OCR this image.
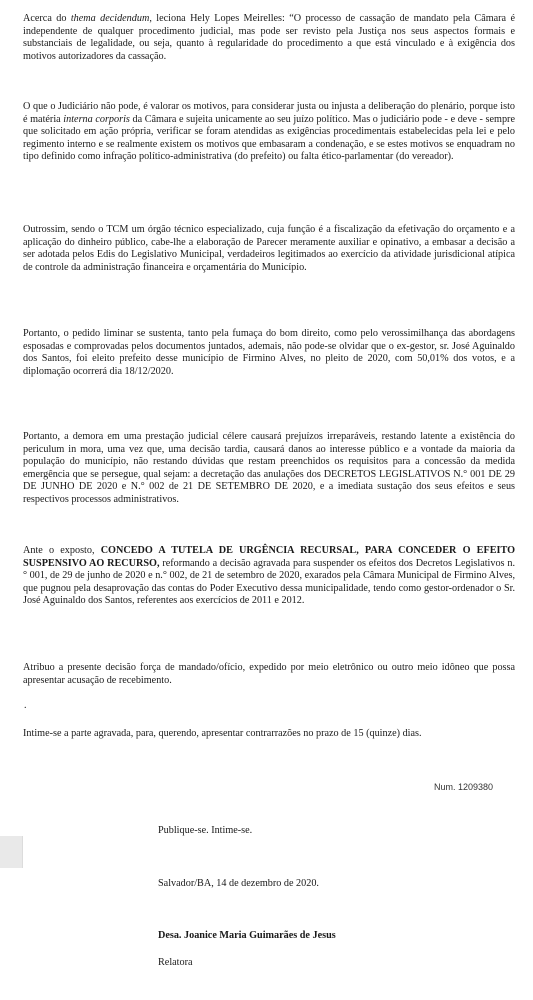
Acerca do thema decidendum, leciona Hely Lopes Meirelles: “O processo de cassação de mandato pela Câmara é independente de qualquer procedimento judicial, mas pode ser revisto pela Justiça nos seus aspectos formais e substanciais de legalidade, ou seja, quanto à regularidade do procedimento a que está vinculado e à exigência dos motivos autorizadores da cassação.

O que o Judiciário não pode, é valorar os motivos, para considerar justa ou injusta a deliberação do plenário, porque isto é matéria interna corporis da Câmara e sujeita unicamente ao seu juízo político. Mas o judiciário pode - e deve - sempre que solicitado em ação própria, verificar se foram atendidas as exigências procedimentais estabelecidas pela lei e pelo regimento interno e se realmente existem os motivos que embasaram a condenação, e se estes motivos se enquadram no tipo definido como infração político-administrativa (do prefeito) ou falta ético-parlamentar (do vereador).

Outrossim, sendo o TCM um órgão técnico especializado, cuja função é a fiscalização da efetivação do orçamento e a aplicação do dinheiro público, cabe-lhe a elaboração de Parecer meramente auxiliar e opinativo, a embasar a decisão a ser adotada pelos Edis do Legislativo Municipal, verdadeiros legitimados ao exercício da atividade jurisdicional atípica de controle da administração financeira e orçamentária do Município.

Portanto, o pedido liminar se sustenta, tanto pela fumaça do bom direito, como pelo verossimilhança das abordagens esposadas e comprovadas pelos documentos juntados, ademais, não pode-se olvidar que o ex-gestor, sr. José Aguinaldo dos Santos, foi eleito prefeito desse município de Firmino Alves, no pleito de 2020, com 50,01% dos votos, e a diplomação ocorrerá dia 18/12/2020.

Portanto, a demora em uma prestação judicial célere causará prejuízos irreparáveis, restando latente a existência do periculum in mora, uma vez que, uma decisão tardia, causará danos ao interesse público e a vontade da maioria da população do município, não restando dúvidas que restam preenchidos os requisitos para a concessão da medida emergência que se persegue, qual sejam: a decretação das anulações dos DECRETOS LEGISLATIVOS N.° 001 DE 29 DE JUNHO DE 2020 e N.° 002 de 21 DE SETEMBRO DE 2020, e a imediata sustação dos seus efeitos e seus respectivos processos administrativos.

Ante o exposto, CONCEDO A TUTELA DE URGÊNCIA RECURSAL, PARA CONCEDER O EFEITO SUSPENSIVO AO RECURSO, reformando a decisão agravada para suspender os efeitos dos Decretos Legislativos n.° 001, de 29 de junho de 2020 e n.° 002, de 21 de setembro de 2020, exarados pela Câmara Municipal de Firmino Alves, que pugnou pela desaprovação das contas do Poder Executivo dessa municipalidade, tendo como gestor-ordenador o Sr. José Aguinaldo dos Santos, referentes aos exercícios de 2011 e 2012.

Atribuo a presente decisão força de mandado/ofício, expedido por meio eletrônico ou outro meio idôneo que possa apresentar acusação de recebimento.

.

Intime-se a parte agravada, para, querendo, apresentar contrarrazões no prazo de 15 (quinze) dias.

Num. 1209380
Publique-se. Intime-se.
Salvador/BA, 14 de dezembro de 2020.
Desa. Joanice Maria Guimarães de Jesus
Relatora
